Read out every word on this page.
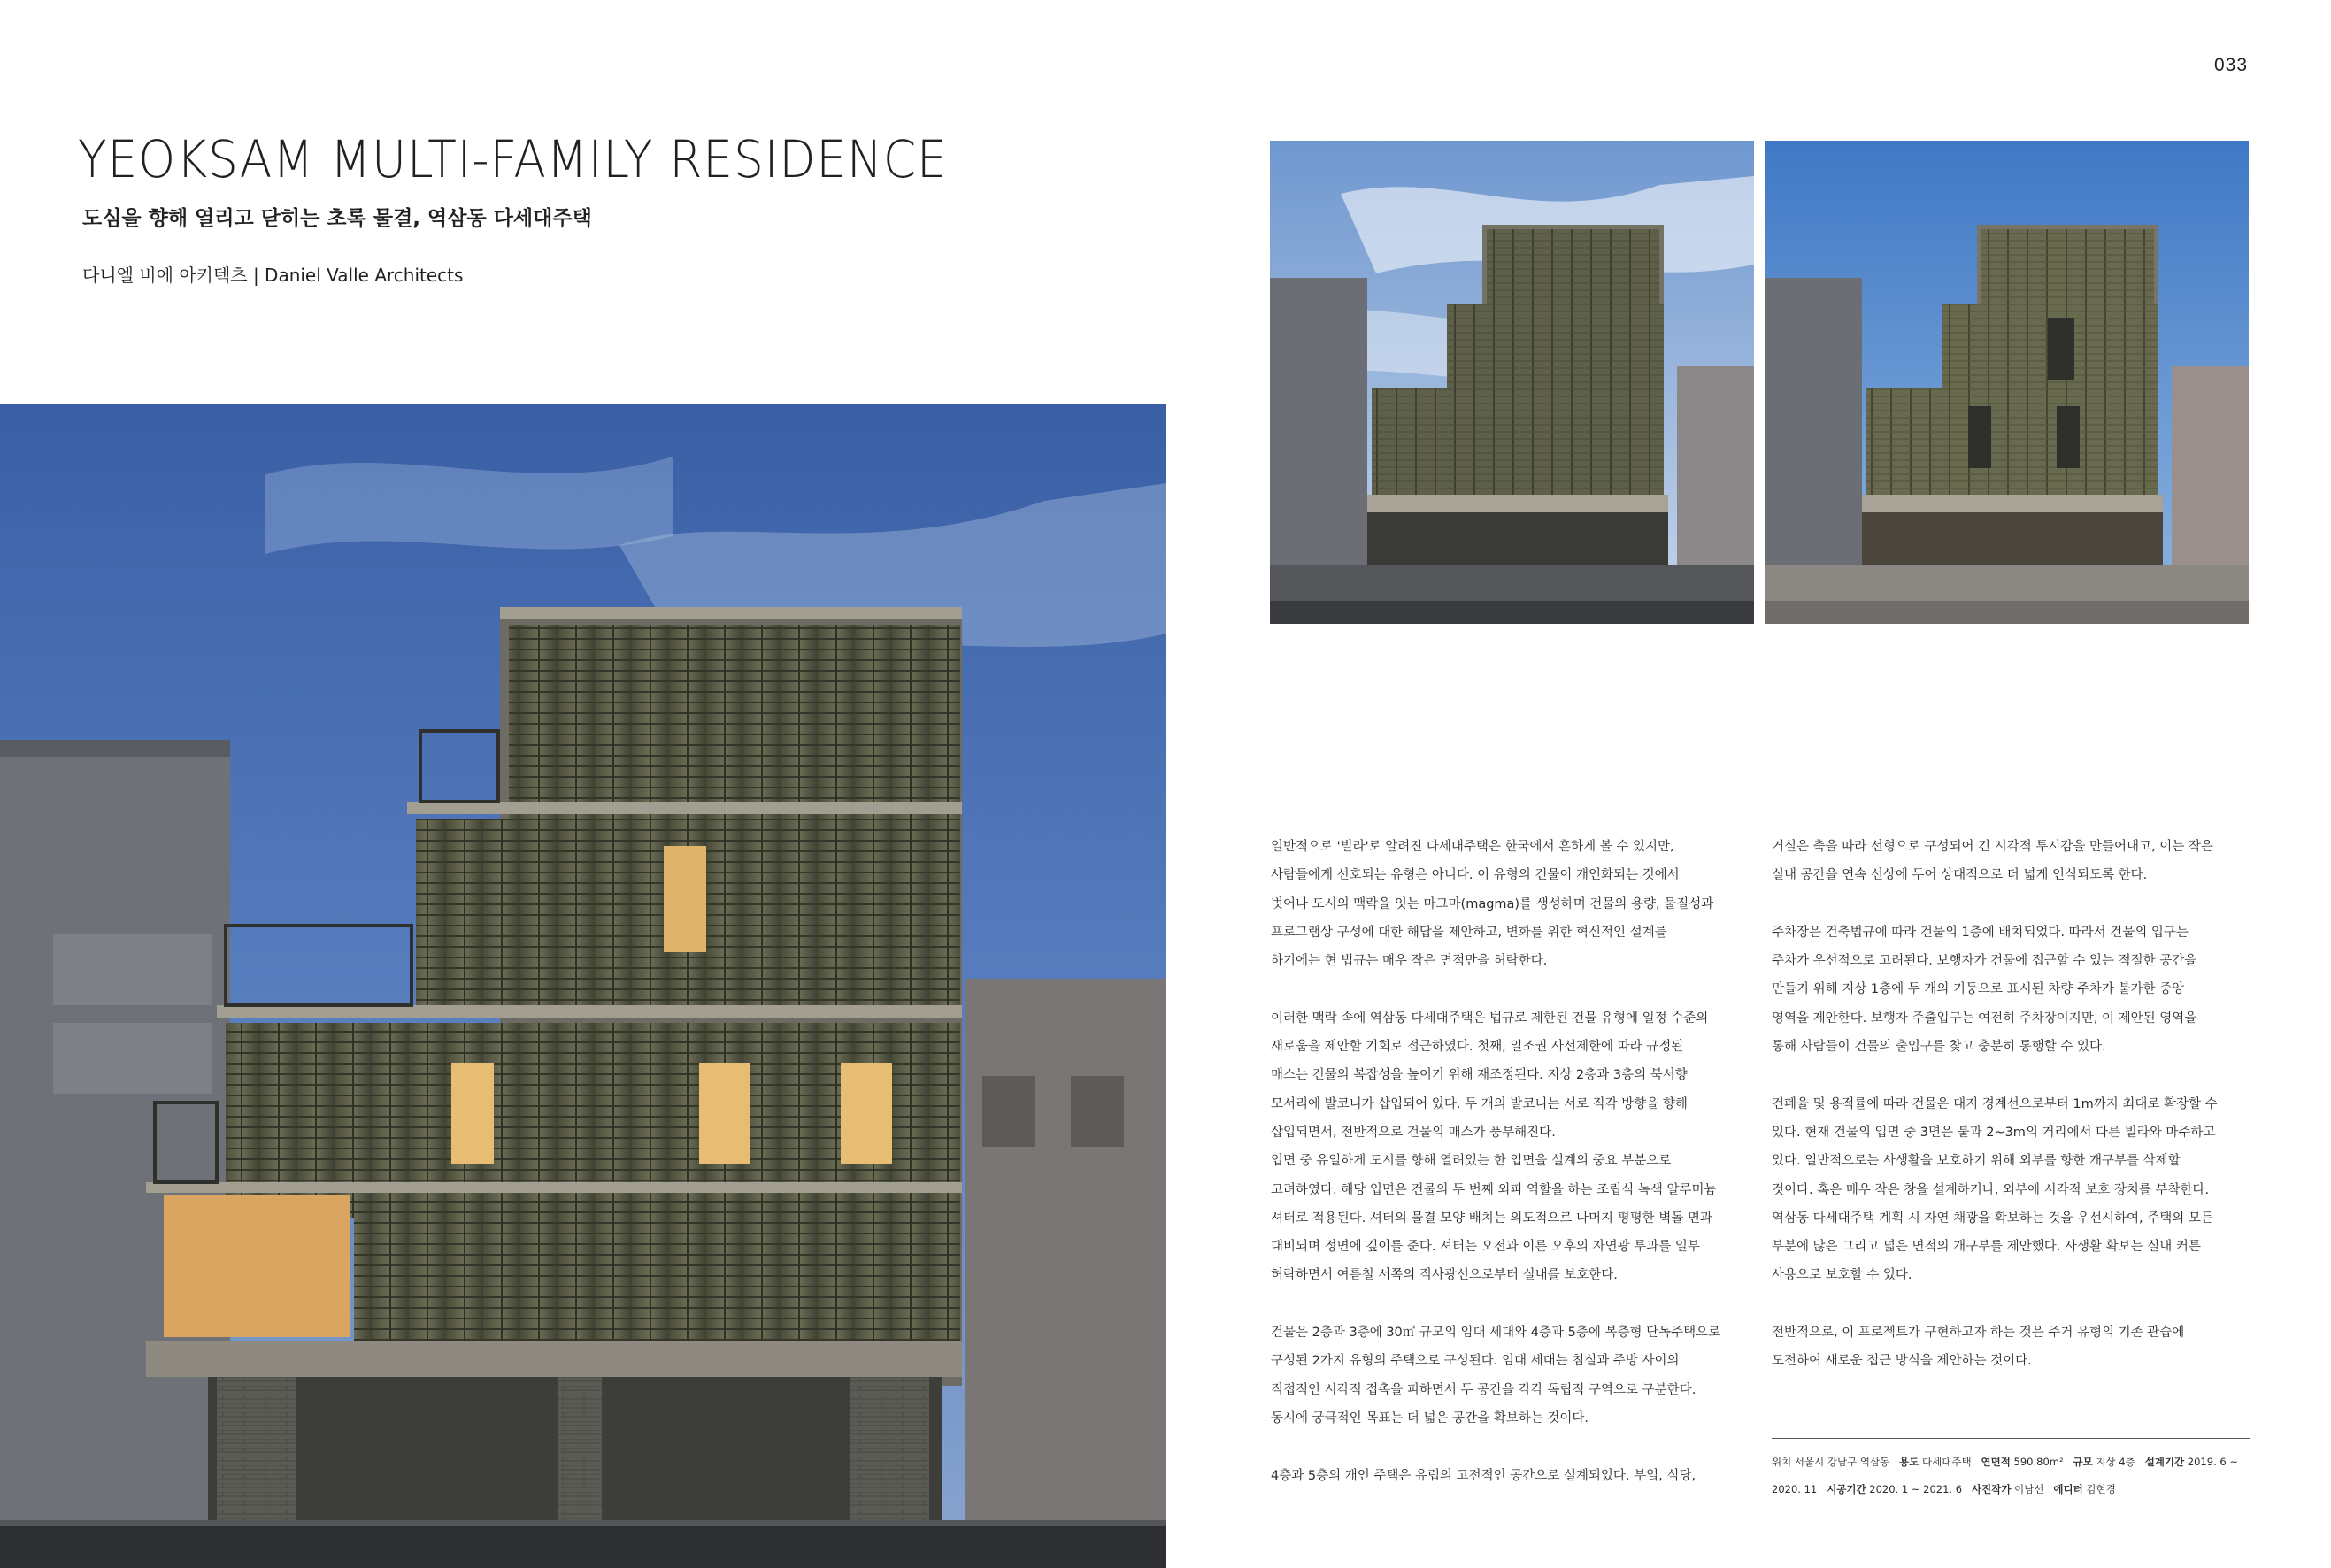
033
YEOKSAM MULTI-FAMILY RESIDENCE
도심을 향해 열리고 닫히는 초록 물결, 역삼동 다세대주택
다니엘 비에 아키텍츠 | Daniel Valle Architects

일반적으로 '빌라'로 알려진 다세대주택은 한국에서 흔하게 볼 수 있지만,
사람들에게 선호되는 유형은 아니다. 이 유형의 건물이 개인화되는 것에서
벗어나 도시의 맥락을 잇는 마그마(magma)를 생성하며 건물의 용량, 물질성과
프로그램상 구성에 대한 해답을 제안하고, 변화를 위한 혁신적인 설계를
하기에는 현 법규는 매우 작은 면적만을 허락한다.

이러한 맥락 속에 역삼동 다세대주택은 법규로 제한된 건물 유형에 일정 수준의
새로움을 제안할 기회로 접근하였다. 첫째, 일조권 사선제한에 따라 규정된
매스는 건물의 복잡성을 높이기 위해 재조정된다. 지상 2층과 3층의 북서향
모서리에 발코니가 삽입되어 있다. 두 개의 발코니는 서로 직각 방향을 향해
삽입되면서, 전반적으로 건물의 매스가 풍부해진다.
입면 중 유일하게 도시를 향해 열려있는 한 입면을 설계의 중요 부분으로
고려하였다. 해당 입면은 건물의 두 번째 외피 역할을 하는 조립식 녹색 알루미늄
셔터로 적용된다. 셔터의 물결 모양 배치는 의도적으로 나머지 평평한 벽돌 면과
대비되며 정면에 깊이를 준다. 셔터는 오전과 이른 오후의 자연광 투과를 일부
허락하면서 여름철 서쪽의 직사광선으로부터 실내를 보호한다.

건물은 2층과 3층에 30㎡ 규모의 임대 세대와 4층과 5층에 복층형 단독주택으로
구성된 2가지 유형의 주택으로 구성된다. 임대 세대는 침실과 주방 사이의
직접적인 시각적 접촉을 피하면서 두 공간을 각각 독립적 구역으로 구분한다.
동시에 궁극적인 목표는 더 넓은 공간을 확보하는 것이다.

4층과 5층의 개인 주택은 유럽의 고전적인 공간으로 설계되었다. 부엌, 식당,

거실은 축을 따라 선형으로 구성되어 긴 시각적 투시감을 만들어내고, 이는 작은
실내 공간을 연속 선상에 두어 상대적으로 더 넓게 인식되도록 한다.

주차장은 건축법규에 따라 건물의 1층에 배치되었다. 따라서 건물의 입구는
주차가 우선적으로 고려된다. 보행자가 건물에 접근할 수 있는 적절한 공간을
만들기 위해 지상 1층에 두 개의 기둥으로 표시된 차량 주차가 불가한 중앙
영역을 제안한다. 보행자 주출입구는 여전히 주차장이지만, 이 제안된 영역을
통해 사람들이 건물의 출입구를 찾고 충분히 통행할 수 있다.

건폐율 및 용적률에 따라 건물은 대지 경계선으로부터 1m까지 최대로 확장할 수
있다. 현재 건물의 입면 중 3면은 불과 2~3m의 거리에서 다른 빌라와 마주하고
있다. 일반적으로는 사생활을 보호하기 위해 외부를 향한 개구부를 삭제할
것이다. 혹은 매우 작은 창을 설계하거나, 외부에 시각적 보호 장치를 부착한다.
역삼동 다세대주택 계획 시 자연 채광을 확보하는 것을 우선시하여, 주택의 모든
부분에 많은 그리고 넓은 면적의 개구부를 제안했다. 사생활 확보는 실내 커튼
사용으로 보호할 수 있다.

전반적으로, 이 프로젝트가 구현하고자 하는 것은 주거 유형의 기존 관습에
도전하여 새로운 접근 방식을 제안하는 것이다.

위치 서울시 강남구 역삼동 용도 다세대주택 연면적 590.80m² 규모 지상 4층 설계기간 2019. 6 ~
2020. 11 시공기간 2020. 1 ~ 2021. 6 사진작가 이남선 에디터 김현경
